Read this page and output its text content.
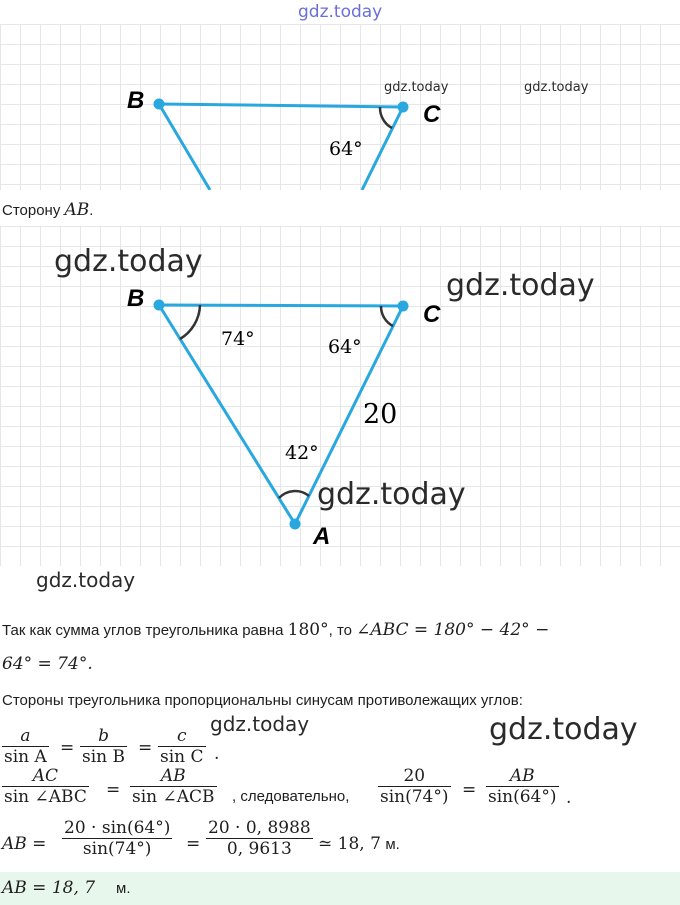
gdz.today
B
C
64°
gdz.today	gdz.today
Сторону AB.
B
C
A
74°	64°
42°
20
gdz.today
gdz.today
gdz.today
gdz.today
Так как сумма углов треугольника равна 180°, то ∠ABC = 180° − 42° −
64° = 74°.
Стороны треугольника пропорциональны синусам противолежащих углов:
$\frac{a}{\text{sin A}} = \frac{b}{\text{sin B}} = \frac{c}{\text{sin C}}$ .
gdz.today	gdz.today
AC
sin ∠ABC =
AB
sin ∠ACB , следовательно, $\frac{20}{\sin(74^\circ)} = \frac{AB}{\sin(64^\circ)}$ .
AB = $\frac{20 \cdot \sin(64^\circ)}{\sin(74^\circ)} = \frac{20 \cdot 0, 8988}{0, 9613}$ ≃ 18, 7 м.
AB = 18, 7 м.
